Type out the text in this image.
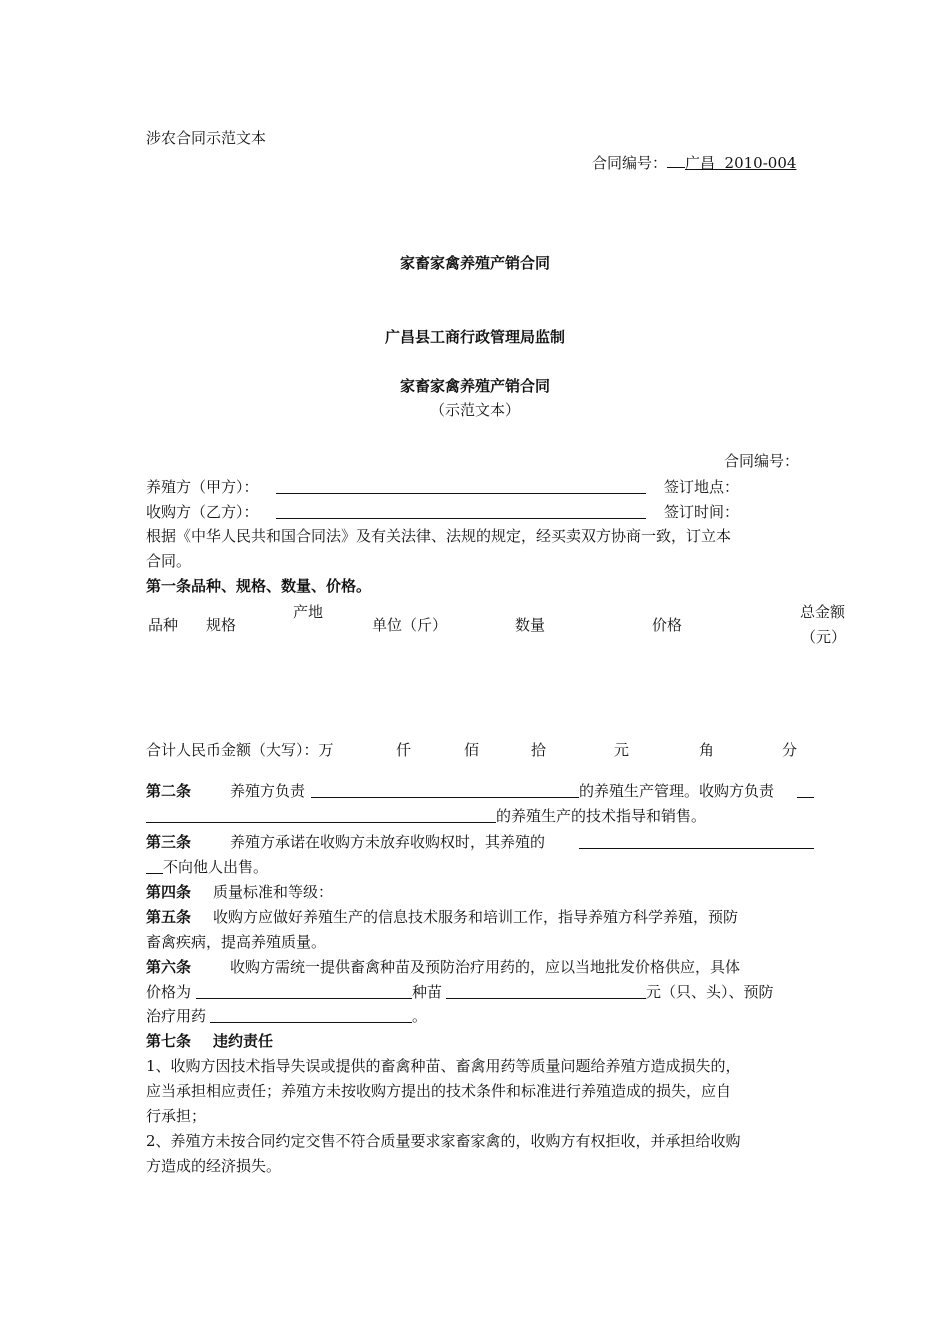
涉农合同示范文本
合同编号： 广昌  2010-004
家畜家禽养殖产销合同
广昌县工商行政管理局监制
家畜家禽养殖产销合同
（示范文本）
合同编号：
养殖方（甲方）：	签订地点：
收购方（乙方）：	签订时间：
根据《中华人民共和国合同法》及有关法律、法规的规定，经买卖双方协商一致，订立本
合同。
第一条品种、规格、数量、价格。
品种 规格
产地
单位（斤）	数量	价格
总金额
（元）
合计人民币金额（大写）：万	仟	佰	拾	元	角	分
第二条	养殖方负责	的养殖生产管理。收购方负责
的养殖生产的技术指导和销售。
第三条	养殖方承诺在收购方未放弃收购权时，其养殖的
不向他人出售。
第四条 质量标准和等级：
第五条 收购方应做好养殖生产的信息技术服务和培训工作，指导养殖方科学养殖，预防
畜禽疾病，提高养殖质量。
第六条	收购方需统一提供畜禽种苗及预防治疗用药的，应以当地批发价格供应，具体
价格为	种苗	元（只、头）、预防
治疗用药	。
第七条 违约责任
1、收购方因技术指导失误或提供的畜禽种苗、畜禽用药等质量问题给养殖方造成损失的，
应当承担相应责任；养殖方未按收购方提出的技术条件和标准进行养殖造成的损失，应自
行承担；
2、养殖方未按合同约定交售不符合质量要求家畜家禽的，收购方有权拒收，并承担给收购
方造成的经济损失。
